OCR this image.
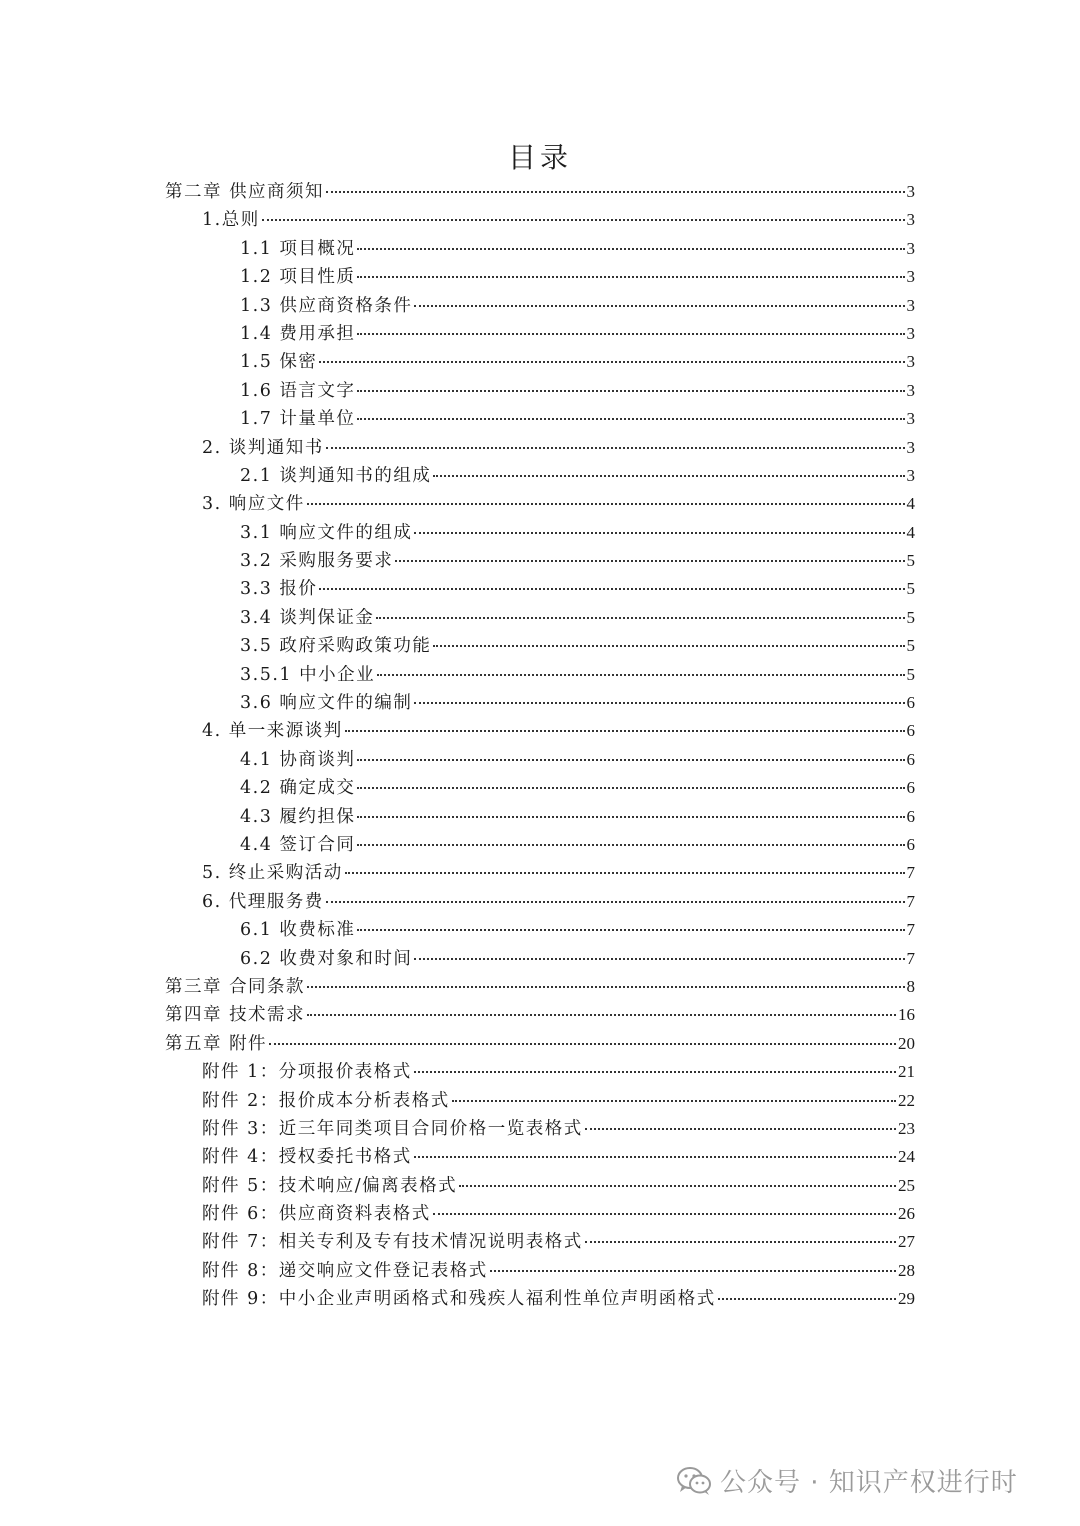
目录
第二章 供应商须知	3
1.总则	3
1.1 项目概况	3
1.2 项目性质	3
1.3 供应商资格条件	3
1.4 费用承担	3
1.5 保密	3
1.6 语言文字	3
1.7 计量单位	3
2. 谈判通知书	3
2.1 谈判通知书的组成	3
3. 响应文件	4
3.1 响应文件的组成	4
3.2 采购服务要求	5
3.3 报价	5
3.4 谈判保证金	5
3.5 政府采购政策功能	5
3.5.1 中小企业	5
3.6 响应文件的编制	6
4. 单一来源谈判	6
4.1 协商谈判	6
4.2 确定成交	6
4.3 履约担保	6
4.4 签订合同	6
5. 终止采购活动	7
6. 代理服务费	7
6.1 收费标准	7
6.2 收费对象和时间	7
第三章 合同条款	8
第四章 技术需求	16
第五章 附件	20
附件 1：分项报价表格式	21
附件 2：报价成本分析表格式	22
附件 3：近三年同类项目合同价格一览表格式	23
附件 4：授权委托书格式	24
附件 5：技术响应/偏离表格式	25
附件 6：供应商资料表格式	26
附件 7：相关专利及专有技术情况说明表格式	27
附件 8：递交响应文件登记表格式	28
附件 9：中小企业声明函格式和残疾人福利性单位声明函格式	29
公众号 · 知识产权进行时
